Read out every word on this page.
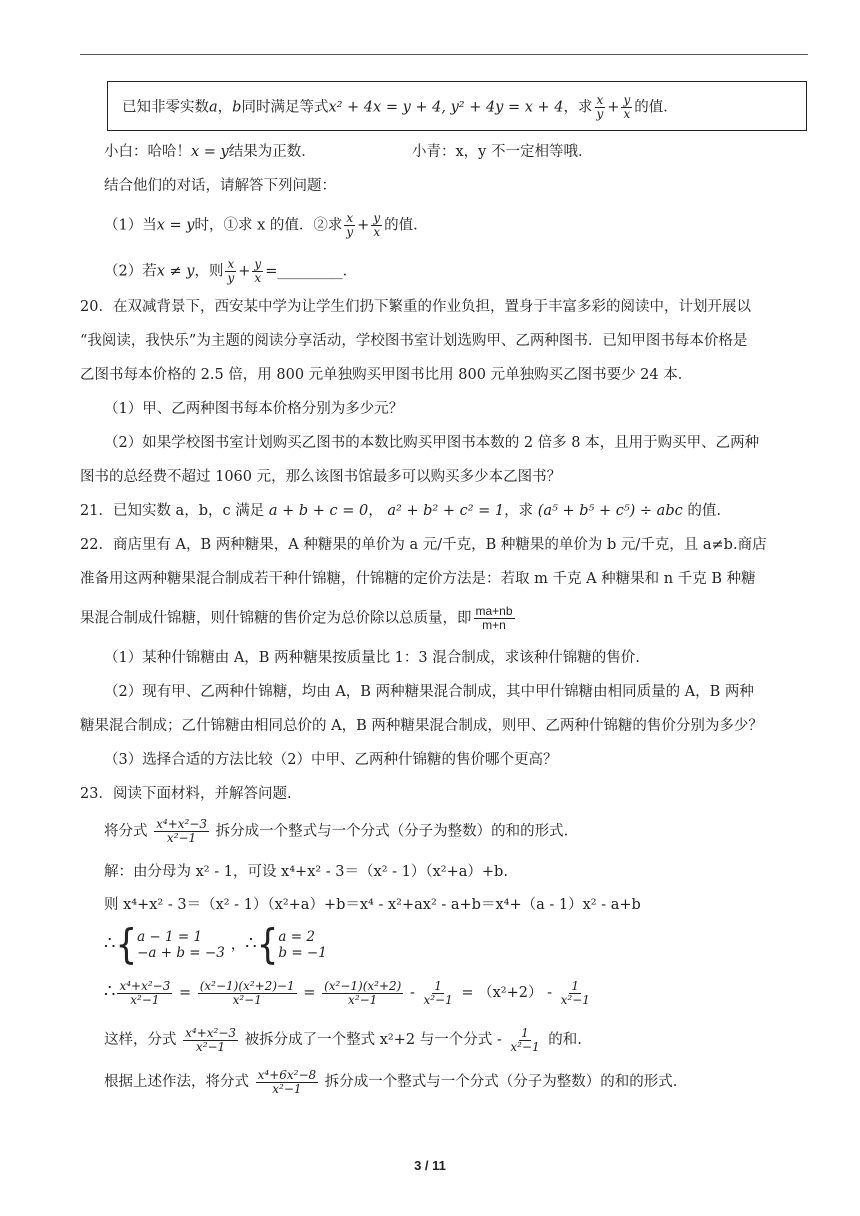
已知非零实数a，b同时满足等式x² + 4x = y + 4, y² + 4y = x + 4，求 $\frac{x}{y} + \frac{y}{x}$ 的值．
小白：哈哈！x = y结果为正数．	小青：x，y 不一定相等哦．
结合他们的对话，请解答下列问题：
（1）当x = y时，①求 x 的值．②求 $\frac{x}{y} + \frac{y}{x}$ 的值．
（2）若x ≠ y，则 $\frac{x}{y} + \frac{y}{x}$ =_________．
20．在双减背景下，西安某中学为让学生们扔下繁重的作业负担，置身于丰富多彩的阅读中，计划开展以
“我阅读，我快乐”为主题的阅读分享活动，学校图书室计划选购甲、乙两种图书．已知甲图书每本价格是
乙图书每本价格的 2.5 倍，用 800 元单独购买甲图书比用 800 元单独购买乙图书要少 24 本．
（1）甲、乙两种图书每本价格分别为多少元？
（2）如果学校图书室计划购买乙图书的本数比购买甲图书本数的 2 倍多 8 本，且用于购买甲、乙两种
图书的总经费不超过 1060 元，那么该图书馆最多可以购买多少本乙图书？
21．已知实数 a，b，c 满足 a + b + c = 0， a² + b² + c² = 1，求 (a⁵ + b⁵ + c⁵) ÷ abc 的值.
22．商店里有 A，B 两种糖果，A 种糖果的单价为 a 元/千克，B 种糖果的单价为 b 元/千克，且 a≠b.商店
准备用这两种糖果混合制成若干种什锦糖，什锦糖的定价方法是：若取 m 千克 A 种糖果和 n 千克 B 种糖
果混合制成什锦糖，则什锦糖的售价定为总价除以总质量，即 $\frac{ma+nb}{m+n}$
（1）某种什锦糖由 A，B 两种糖果按质量比 1：3 混合制成，求该种什锦糖的售价.
（2）现有甲、乙两种什锦糖，均由 A，B 两种糖果混合制成，其中甲什锦糖由相同质量的 A，B 两种
糖果混合制成；乙什锦糖由相同总价的 A，B 两种糖果混合制成，则甲、乙两种什锦糖的售价分别为多少？
（3）选择合适的方法比较（2）中甲、乙两种什锦糖的售价哪个更高？
23．阅读下面材料，并解答问题.
将分式 $\frac{\text{x⁴+x²−3}}{\text{x²−1}}$ 拆分成一个整式与一个分式（分子为整数）的和的形式.
解：由分母为 x² - 1，可设 x⁴+x² - 3＝（x² - 1）（x²+a）+b.
则 x⁴+x² - 3＝（x² - 1）（x²+a）+b＝x⁴ - x²+ax² - a+b＝x⁴+（a - 1）x² - a+b
∴{ a − 1 = 1
−a + b = −3 ，∴{ a = 2
b = −1
∴ $\frac{\text{x⁴+x²−3}}{\text{x²−1}} = \frac{\text{(x²−1)(x²+2)−1}}{\text{x²−1}} = \frac{\text{(x²−1)(x²+2)}}{\text{x²−1}} - \frac{1}{\text{x²−1}} = (x^2+2) - \frac{1}{\text{x²−1}}$
这样，分式 $\frac{\text{x⁴+x²−3}}{\text{x²−1}}$ 被拆分成了一个整式 x²+2 与一个分式 - $\frac{1}{\text{x²−1}}$ 的和.
根据上述作法，将分式 $\frac{\text{x⁴+6x²−8}}{\text{x²−1}}$ 拆分成一个整式与一个分式（分子为整数）的和的形式.
3 / 11
